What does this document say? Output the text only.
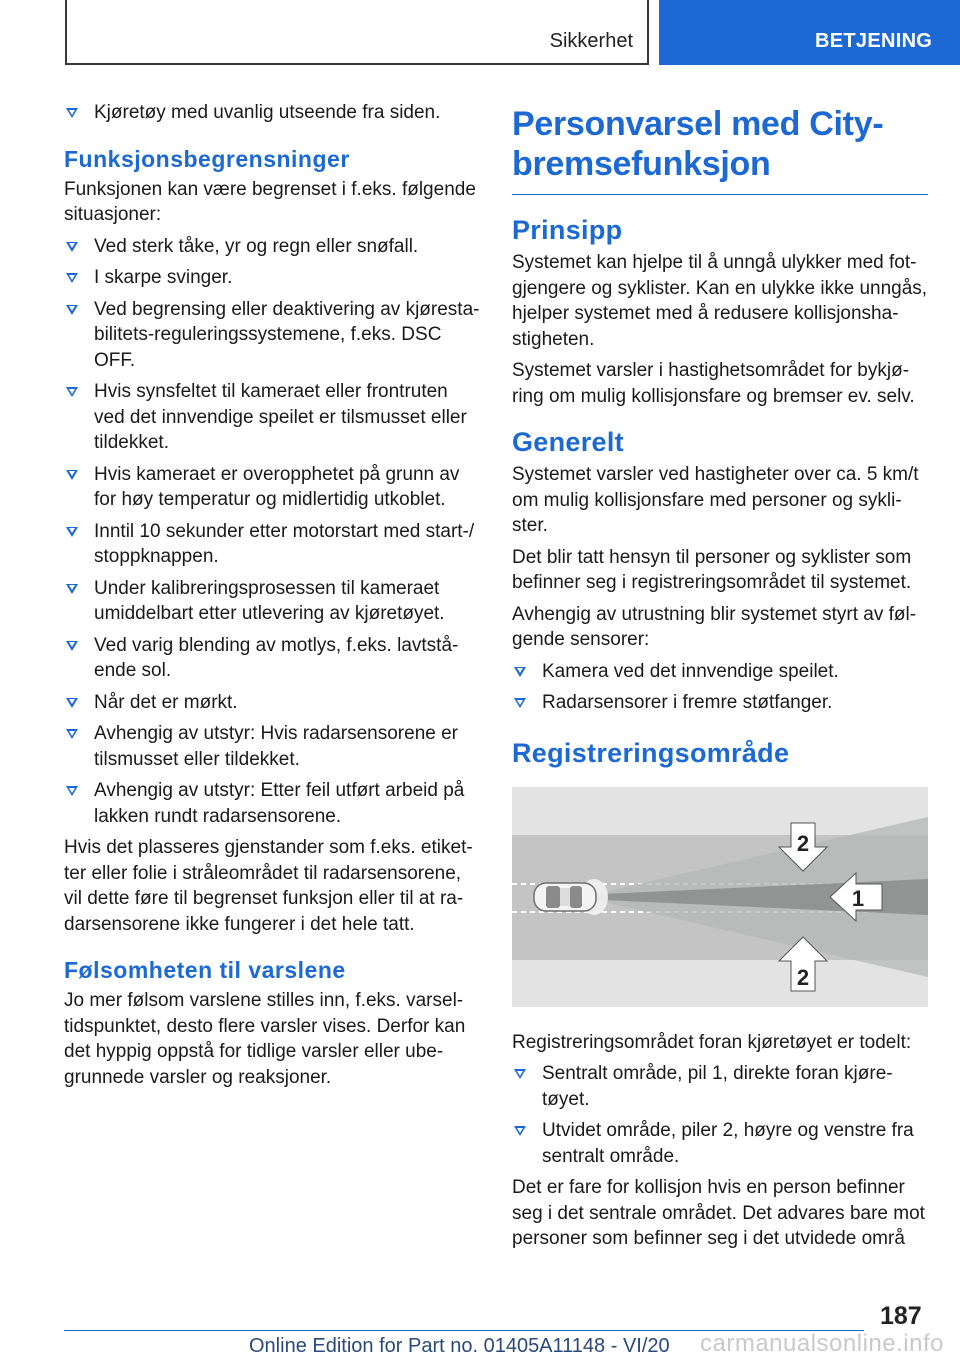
Sikkerhet	BETJENING
Kjøretøy med uvanlig utseende fra siden.
Funksjonsbegrensninger

Funksjonen kan være begrenset i f.eks. følgende situasjoner:

Ved sterk tåke, yr og regn eller snøfall.
I skarpe svinger.
Ved begrensing eller deaktivering av kjørestabilitets-reguleringssystemene, f.eks. DSC OFF.
Hvis synsfeltet til kameraet eller frontruten ved det innvendige speilet er tilsmusset eller tildekket.
Hvis kameraet er overopphetet på grunn av for høy temperatur og midlertidig utkoblet.
Inntil 10 sekunder etter motorstart med start-/ stoppknappen.
Under kalibreringsprosessen til kameraet umiddelbart etter utlevering av kjøretøyet.
Ved varig blending av motlys, f.eks. lavtstående sol.
Når det er mørkt.
Avhengig av utstyr: Hvis radarsensorene er tilsmusset eller tildekket.
Avhengig av utstyr: Etter feil utført arbeid på lakken rundt radarsensorene.

Hvis det plasseres gjenstander som f.eks. etiketter eller folie i stråleområdet til radarsensorene, vil dette føre til begrenset funksjon eller til at radarsensorene ikke fungerer i det hele tatt.

Følsomheten til varslene

Jo mer følsom varslene stilles inn, f.eks. varseltidspunktet, desto flere varsler vises. Derfor kan det hyppig oppstå for tidlige varsler eller ubegrunnede varsler og reaksjoner.

Personvarsel med City-bremsefunksjon
Prinsipp

Systemet kan hjelpe til å unngå ulykker med fotgjengere og syklister. Kan en ulykke ikke unngås, hjelper systemet med å redusere kollisjonshastigheten.

Systemet varsler i hastighetsområdet for bykjøring om mulig kollisjonsfare og bremser ev. selv.

Generelt

Systemet varsler ved hastigheter over ca. 5 km/t om mulig kollisjonsfare med personer og syklister.

Det blir tatt hensyn til personer og syklister som befinner seg i registreringsområdet til systemet.

Avhengig av utrustning blir systemet styrt av følgende sensorer:

Kamera ved det innvendige speilet.
Radarsensorer i fremre støtfanger.
Registreringsområde
1
2
2

Registreringsområdet foran kjøretøyet er todelt:

Sentralt område, pil 1, direkte foran kjøretøyet.
Utvidet område, piler 2, høyre og venstre fra sentralt område.

Det er fare for kollisjon hvis en person befinner seg i det sentrale området. Det advares bare mot personer som befinner seg i det utvidede områ

187
Online Edition for Part no. 01405A11148 - VI/20 carmanualsonline.info
